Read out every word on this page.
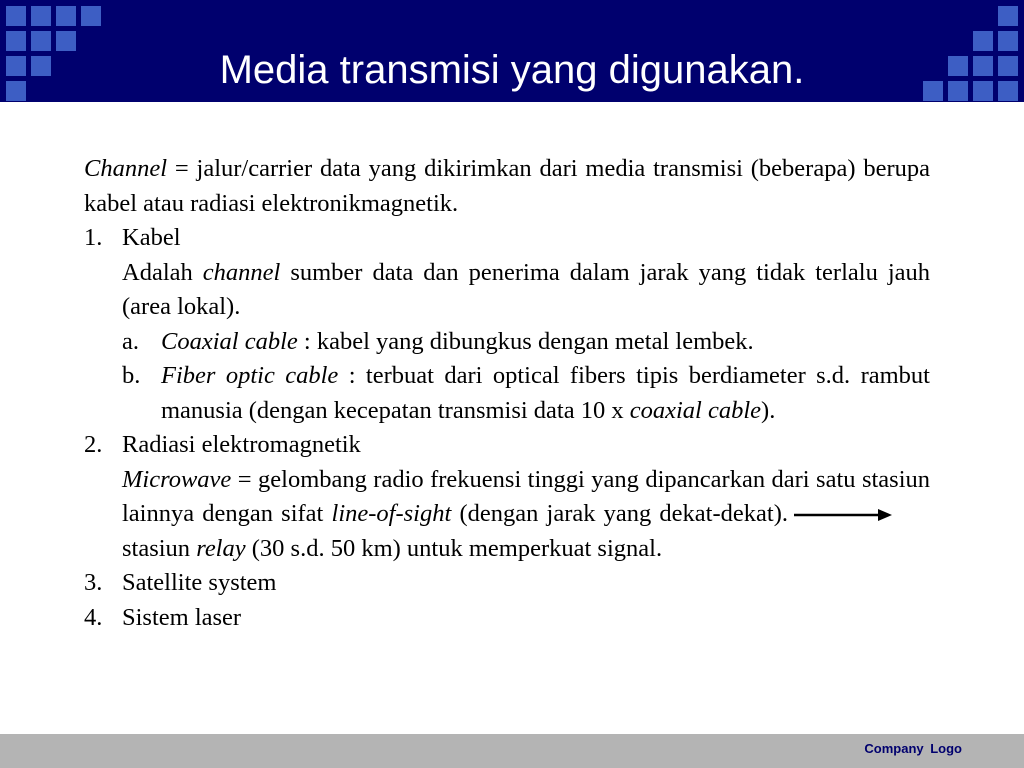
Media transmisi yang digunakan.

Channel = jalur/carrier data yang dikirimkan dari media transmisi (beberapa) berupa kabel atau radiasi elektronikmagnetik.

1. Kabel

Adalah channel sumber data dan penerima dalam jarak yang tidak terlalu jauh (area lokal).

a. Coaxial cable : kabel yang dibungkus dengan metal lembek.

b. Fiber optic cable : terbuat dari optical fibers tipis berdiameter s.d. rambut manusia (dengan kecepatan transmisi data 10 x coaxial cable).

2. Radiasi elektromagnetik

Microwave = gelombang radio frekuensi tinggi yang dipancarkan dari satu stasiun lainnya dengan sifat line-of-sight (dengan jarak yang dekat-dekat).stasiun relay (30 s.d. 50 km) untuk memperkuat signal.

3. Satellite system

4. Sistem laser

Company Logo
